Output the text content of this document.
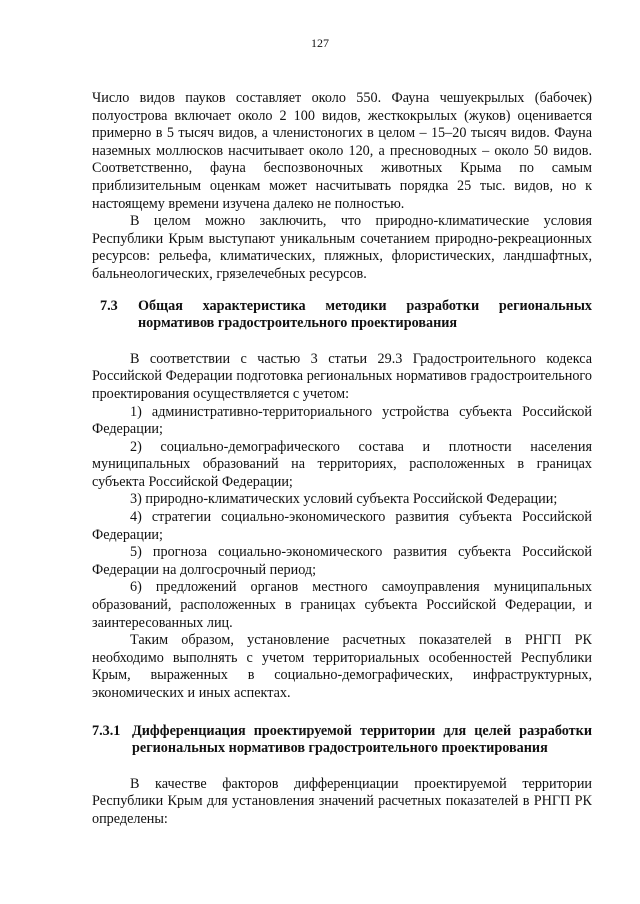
127

Число видов пауков составляет около 550. Фауна чешуекрылых (бабочек) полуострова включает около 2 100 видов, жесткокрылых (жуков) оценивается примерно в 5 тысяч видов, а членистоногих в целом – 15–20 тысяч видов. Фауна наземных моллюсков насчитывает около 120, а пресноводных – около 50 видов. Соответственно, фауна беспозвоночных животных Крыма по самым приблизительным оценкам может насчитывать порядка 25 тыс. видов, но к настоящему времени изучена далеко не полностью.

В целом можно заключить, что природно-климатические условия Республики Крым выступают уникальным сочетанием природно-рекреационных ресурсов: рельефа, климатических, пляжных, флористических, ландшафтных, бальнеологических, грязелечебных ресурсов.

7.3	Общая характеристика методики разработки региональных нормативов градостроительного проектирования

В соответствии с частью 3 статьи 29.3 Градостроительного кодекса Российской Федерации подготовка региональных нормативов градостроительного проектирования осуществляется с учетом:

1) административно-территориального устройства субъекта Российской Федерации;

2) социально-демографического состава и плотности населения муниципальных образований на территориях, расположенных в границах субъекта Российской Федерации;

3) природно-климатических условий субъекта Российской Федерации;

4) стратегии социально-экономического развития субъекта Российской Федерации;

5) прогноза социально-экономического развития субъекта Российской Федерации на долгосрочный период;

6) предложений органов местного самоуправления муниципальных образований, расположенных в границах субъекта Российской Федерации, и заинтересованных лиц.

Таким образом, установление расчетных показателей в РНГП РК необходимо выполнять с учетом территориальных особенностей Республики Крым, выраженных в социально-демографических, инфраструктурных, экономических и иных аспектах.

7.3.1 Дифференциация проектируемой территории для целей разработки региональных нормативов градостроительного проектирования

В качестве факторов дифференциации проектируемой территории Республики Крым для установления значений расчетных показателей в РНГП РК определены:
